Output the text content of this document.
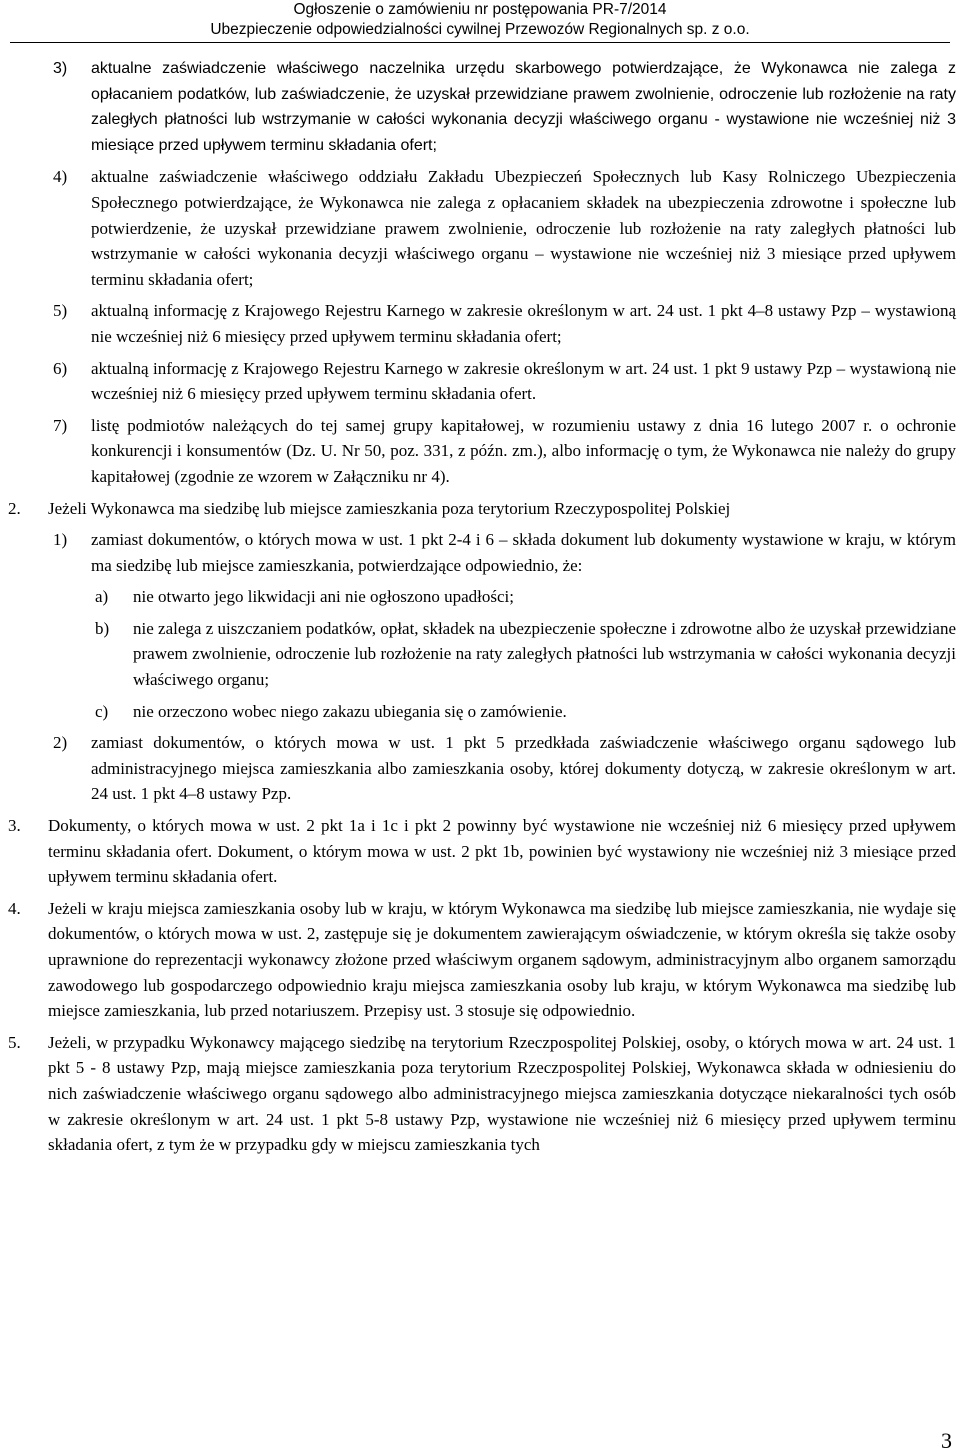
Ogłoszenie o zamówieniu nr postępowania PR-7/2014
Ubezpieczenie odpowiedzialności cywilnej Przewozów Regionalnych sp. z o.o.
3) aktualne zaświadczenie właściwego naczelnika urzędu skarbowego potwierdzające, że Wykonawca nie zalega z opłacaniem podatków, lub zaświadczenie, że uzyskał przewidziane prawem zwolnienie, odroczenie lub rozłożenie na raty zaległych płatności lub wstrzymanie w całości wykonania decyzji właściwego organu - wystawione nie wcześniej niż 3 miesiące przed upływem terminu składania ofert;
4) aktualne zaświadczenie właściwego oddziału Zakładu Ubezpieczeń Społecznych lub Kasy Rolniczego Ubezpieczenia Społecznego potwierdzające, że Wykonawca nie zalega z opłacaniem składek na ubezpieczenia zdrowotne i społeczne lub potwierdzenie, że uzyskał przewidziane prawem zwolnienie, odroczenie lub rozłożenie na raty zaległych płatności lub wstrzymanie w całości wykonania decyzji właściwego organu – wystawione nie wcześniej niż 3 miesiące przed upływem terminu składania ofert;
5) aktualną informację z Krajowego Rejestru Karnego w zakresie określonym w art. 24 ust. 1 pkt 4–8 ustawy Pzp – wystawioną nie wcześniej niż 6 miesięcy przed upływem terminu składania ofert;
6) aktualną informację z Krajowego Rejestru Karnego w zakresie określonym w art. 24 ust. 1 pkt 9 ustawy Pzp – wystawioną nie wcześniej niż 6 miesięcy przed upływem terminu składania ofert.
7) listę podmiotów należących do tej samej grupy kapitałowej, w rozumieniu ustawy z dnia 16 lutego 2007 r. o ochronie konkurencji i konsumentów (Dz. U. Nr 50, poz. 331, z późn. zm.), albo informację o tym, że Wykonawca nie należy do grupy kapitałowej (zgodnie ze wzorem w Załączniku nr 4).
2. Jeżeli Wykonawca ma siedzibę lub miejsce zamieszkania poza terytorium Rzeczypospolitej Polskiej
1) zamiast dokumentów, o których mowa w ust. 1 pkt 2-4 i 6 – składa dokument lub dokumenty wystawione w kraju, w którym ma siedzibę lub miejsce zamieszkania, potwierdzające odpowiednio, że:
a) nie otwarto jego likwidacji ani nie ogłoszono upadłości;
b) nie zalega z uiszczaniem podatków, opłat, składek na ubezpieczenie społeczne i zdrowotne albo że uzyskał przewidziane prawem zwolnienie, odroczenie lub rozłożenie na raty zaległych płatności lub wstrzymania w całości wykonania decyzji właściwego organu;
c) nie orzeczono wobec niego zakazu ubiegania się o zamówienie.
2) zamiast dokumentów, o których mowa w ust. 1 pkt 5 przedkłada zaświadczenie właściwego organu sądowego lub administracyjnego miejsca zamieszkania albo zamieszkania osoby, której dokumenty dotyczą, w zakresie określonym w art. 24 ust. 1 pkt 4–8 ustawy Pzp.
3. Dokumenty, o których mowa w ust. 2 pkt 1a i 1c i pkt 2 powinny być wystawione nie wcześniej niż 6 miesięcy przed upływem terminu składania ofert. Dokument, o którym mowa w ust. 2 pkt 1b, powinien być wystawiony nie wcześniej niż 3 miesiące przed upływem terminu składania ofert.
4. Jeżeli w kraju miejsca zamieszkania osoby lub w kraju, w którym Wykonawca ma siedzibę lub miejsce zamieszkania, nie wydaje się dokumentów, o których mowa w ust. 2, zastępuje się je dokumentem zawierającym oświadczenie, w którym określa się także osoby uprawnione do reprezentacji wykonawcy złożone przed właściwym organem sądowym, administracyjnym albo organem samorządu zawodowego lub gospodarczego odpowiednio kraju miejsca zamieszkania osoby lub kraju, w którym Wykonawca ma siedzibę lub miejsce zamieszkania, lub przed notariuszem. Przepisy ust. 3 stosuje się odpowiednio.
5. Jeżeli, w przypadku Wykonawcy mającego siedzibę na terytorium Rzeczpospolitej Polskiej, osoby, o których mowa w art. 24 ust. 1 pkt 5 - 8 ustawy Pzp, mają miejsce zamieszkania poza terytorium Rzeczpospolitej Polskiej, Wykonawca składa w odniesieniu do nich zaświadczenie właściwego organu sądowego albo administracyjnego miejsca zamieszkania dotyczące niekaralności tych osób w zakresie określonym w art. 24 ust. 1 pkt 5-8 ustawy Pzp, wystawione nie wcześniej niż 6 miesięcy przed upływem terminu składania ofert, z tym że w przypadku gdy w miejscu zamieszkania tych
3
